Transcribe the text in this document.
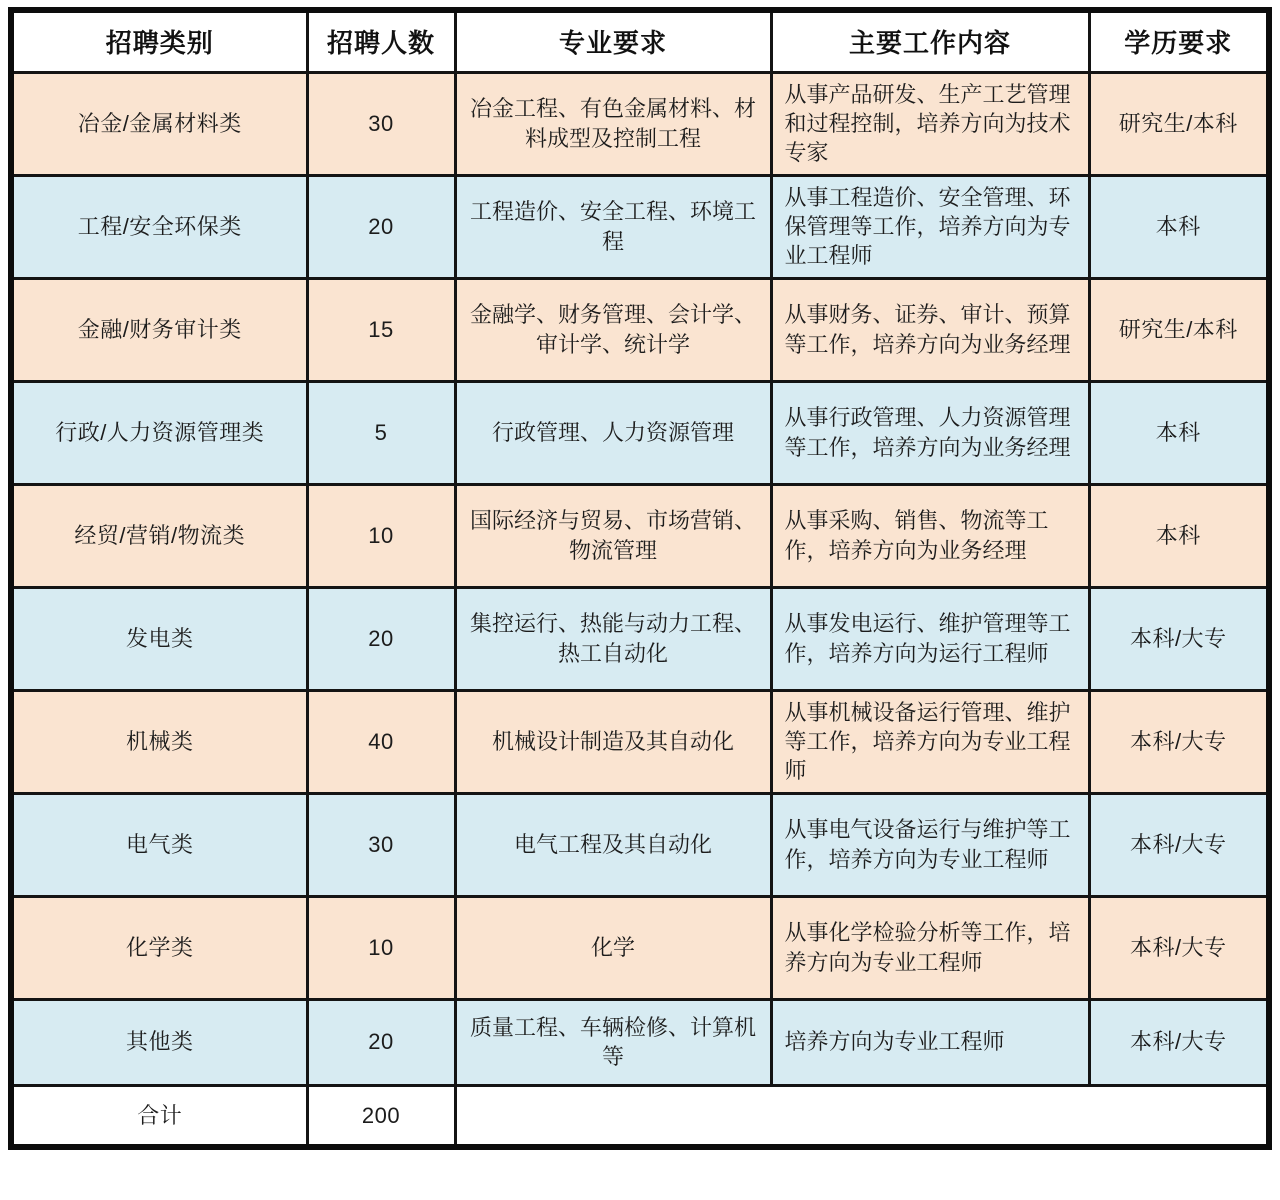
招聘类别	招聘人数	专业要求	主要工作内容	学历要求
冶金/金属材料类	30	冶金工程、有色金属材料、材料成型及控制工程	从事产品研发、生产工艺管理和过程控制，培养方向为技术专家	研究生/本科
工程/安全环保类	20	工程造价、安全工程、环境工程	从事工程造价、安全管理、环保管理等工作，培养方向为专业工程师	本科
金融/财务审计类	15	金融学、财务管理、会计学、审计学、统计学	从事财务、证券、审计、预算等工作，培养方向为业务经理	研究生/本科
行政/人力资源管理类	5	行政管理、人力资源管理	从事行政管理、人力资源管理等工作，培养方向为业务经理	本科
经贸/营销/物流类	10	国际经济与贸易、市场营销、物流管理	从事采购、销售、物流等工作，培养方向为业务经理	本科
发电类	20	集控运行、热能与动力工程、热工自动化	从事发电运行、维护管理等工作，培养方向为运行工程师	本科/大专
机械类	40	机械设计制造及其自动化	从事机械设备运行管理、维护等工作，培养方向为专业工程师	本科/大专
电气类	30	电气工程及其自动化	从事电气设备运行与维护等工作，培养方向为专业工程师	本科/大专
化学类	10	化学	从事化学检验分析等工作，培养方向为专业工程师	本科/大专
其他类	20	质量工程、车辆检修、计算机等	培养方向为专业工程师	本科/大专
合计	200			
